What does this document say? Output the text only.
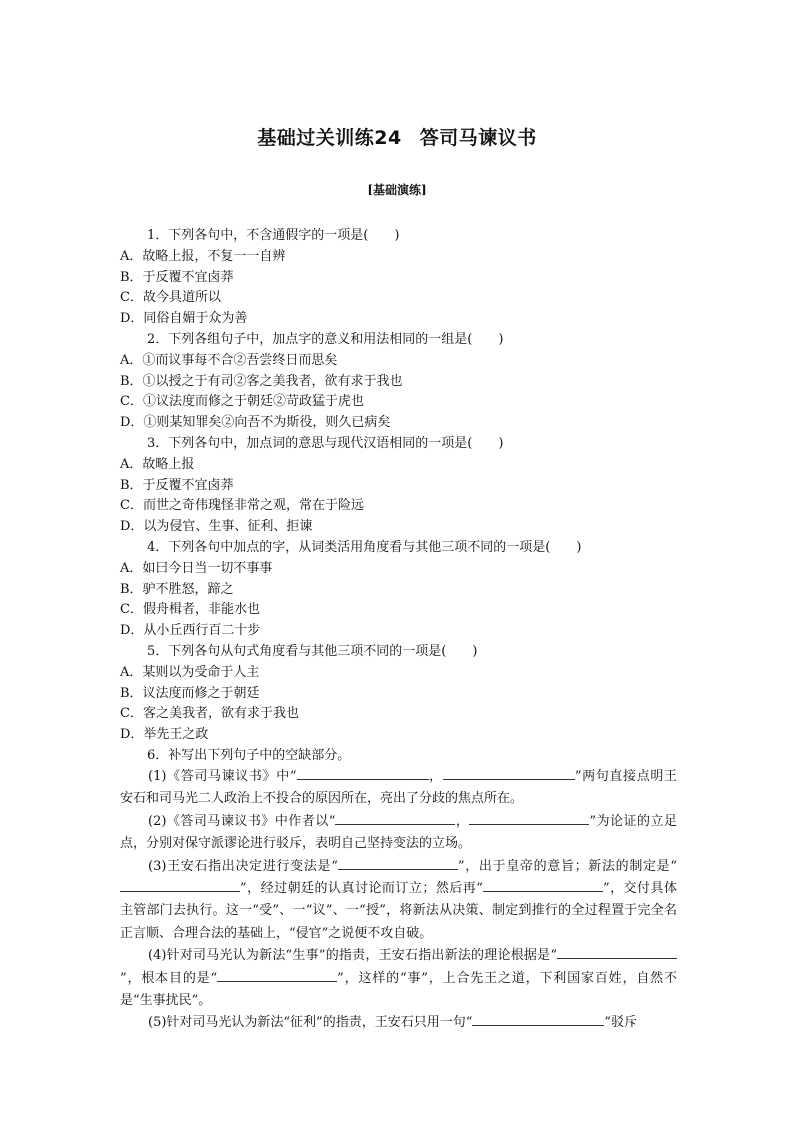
基础过关训练24 答司马谏议书
[基础演练]
1．下列各句中，不含通假字的一项是(　　)
A．故略上报，不复一一自辨
B．于反覆不宜卤莽
C．故今具道所以
D．同俗自媚于众为善
2．下列各组句子中，加点字的意义和用法相同的一组是(　　)
A．①而议事每不合②吾尝终日而思矣
B．①以授之于有司②客之美我者，欲有求于我也
C．①议法度而修之于朝廷②苛政猛于虎也
D．①则某知罪矣②向吾不为斯役，则久已病矣
3．下列各句中，加点词的意思与现代汉语相同的一项是(　　)
A．故略上报
B．于反覆不宜卤莽
C．而世之奇伟瑰怪非常之观，常在于险远
D．以为侵官、生事、征利、拒谏
4．下列各句中加点的字，从词类活用角度看与其他三项不同的一项是(　　)
A．如曰今日当一切不事事
B．驴不胜怒，蹄之
C．假舟楫者，非能水也
D．从小丘西行百二十步
5．下列各句从句式角度看与其他三项不同的一项是(　　)
A．某则以为受命于人主
B．议法度而修之于朝廷
C．客之美我者，欲有求于我也
D．举先王之政
6．补写出下列句子中的空缺部分。

(1)《答司马谏议书》中“	，	”两句直接点明王安石和司马光二人政治上不投合的原因所在，亮出了分歧的焦点所在。

(2)《答司马谏议书》中作者以“	，	”为论证的立足点，分别对保守派谬论进行驳斥，表明自己坚持变法的立场。

(3)王安石指出决定进行变法是“	”，出于皇帝的意旨；新法的制定是“”，经过朝廷的认真讨论而订立；然后再“	”，交付具体主管部门去执行。这一“受”、一“议”、一“授”，将新法从决策、制定到推行的全过程置于完全名正言顺、合理合法的基础上，“侵官”之说便不攻自破。

(4)针对司马光认为新法“生事”的指责，王安石指出新法的理论根据是“”，根本目的是“	”，这样的“事”，上合先王之道，下利国家百姓，自然不是“生事扰民”。

(5)针对司马光认为新法“征利”的指责，王安石只用一句“	”驳斥
